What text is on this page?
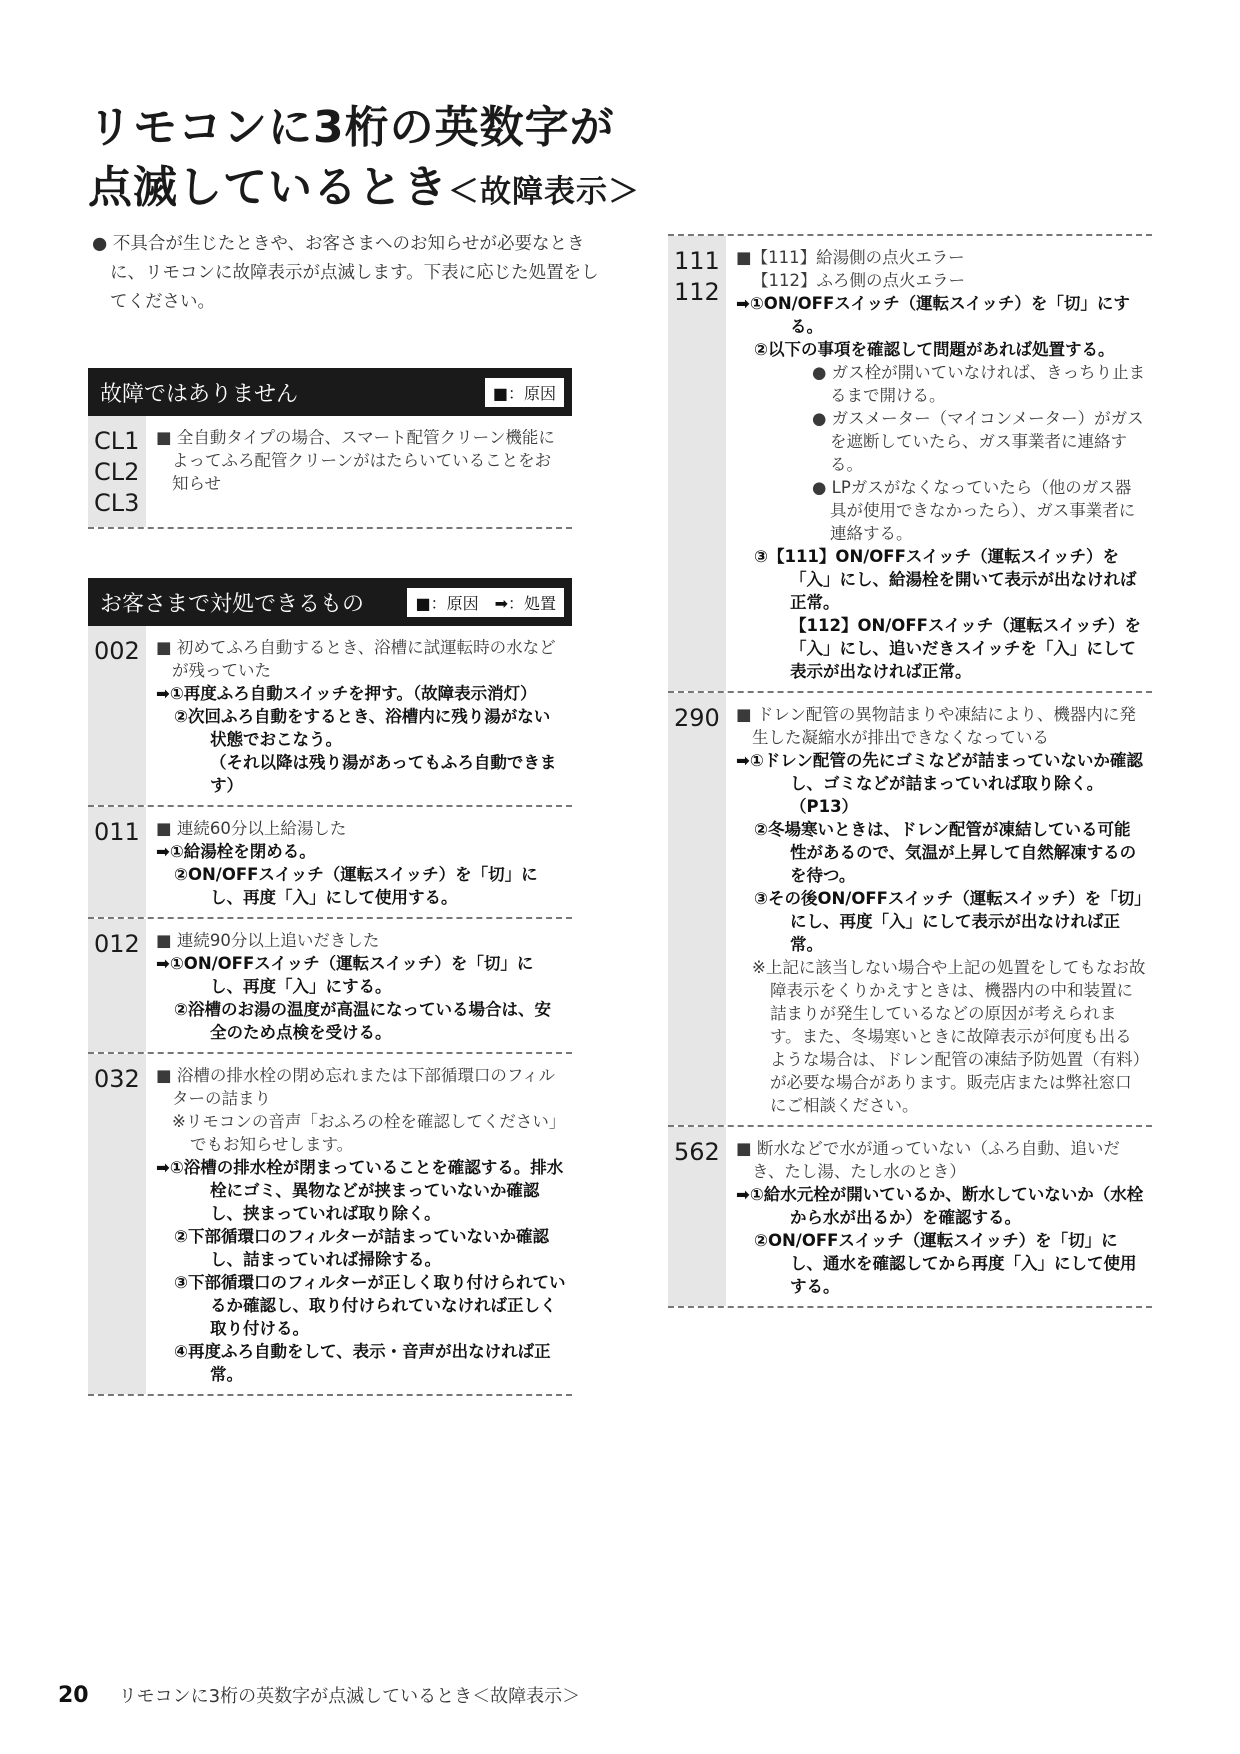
リモコンに3桁の英数字が
点滅しているとき＜故障表示＞
● 不具合が生じたときや、お客さまへのお知らせが必要なときに、リモコンに故障表示が点滅します。下表に応じた処置をしてください。
故障ではありません	■：原因
CL1
CL2
CL3
■ 全自動タイプの場合、スマート配管クリーン機能によってふろ配管クリーンがはたらいていることをお知らせ
お客さまで対処できるもの	■：原因　➡：処置
002 ■ 初めてふろ自動するとき、浴槽に試運転時の水などが残っていた
➡①再度ふろ自動スイッチを押す。（故障表示消灯）
②次回ふろ自動をするとき、浴槽内に残り湯がない状態でおこなう。
（それ以降は残り湯があってもふろ自動できます）
011 ■ 連続60分以上給湯した
➡①給湯栓を閉める。
②ON/OFFスイッチ（運転スイッチ）を「切」にし、再度「入」にして使用する。
012 ■ 連続90分以上追いだきした
➡①ON/OFFスイッチ（運転スイッチ）を「切」にし、再度「入」にする。
②浴槽のお湯の温度が高温になっている場合は、安全のため点検を受ける。
032 ■ 浴槽の排水栓の閉め忘れまたは下部循環口のフィルターの詰まり
※リモコンの音声「おふろの栓を確認してください」でもお知らせします。
➡①浴槽の排水栓が閉まっていることを確認する。排水栓にゴミ、異物などが挟まっていないか確認し、挟まっていれば取り除く。
②下部循環口のフィルターが詰まっていないか確認し、詰まっていれば掃除する。
③下部循環口のフィルターが正しく取り付けられているか確認し、取り付けられていなければ正しく取り付ける。
④再度ふろ自動をして、表示・音声が出なければ正常。
111
112
■【111】給湯側の点火エラー
【112】ふろ側の点火エラー
➡①ON/OFFスイッチ（運転スイッチ）を「切」にする。
②以下の事項を確認して問題があれば処置する。
● ガス栓が開いていなければ、きっちり止まるまで開ける。
● ガスメーター（マイコンメーター）がガスを遮断していたら、ガス事業者に連絡する。
● LPガスがなくなっていたら（他のガス器具が使用できなかったら）、ガス事業者に連絡する。
③【111】ON/OFFスイッチ（運転スイッチ）を「入」にし、給湯栓を開いて表示が出なければ正常。
【112】ON/OFFスイッチ（運転スイッチ）を「入」にし、追いだきスイッチを「入」にして表示が出なければ正常。
290 ■ ドレン配管の異物詰まりや凍結により、機器内に発生した凝縮水が排出できなくなっている
➡①ドレン配管の先にゴミなどが詰まっていないか確認し、ゴミなどが詰まっていれば取り除く。（P13）
②冬場寒いときは、ドレン配管が凍結している可能性があるので、気温が上昇して自然解凍するのを待つ。
③その後ON/OFFスイッチ（運転スイッチ）を「切」にし、再度「入」にして表示が出なければ正常。
※上記に該当しない場合や上記の処置をしてもなお故障表示をくりかえすときは、機器内の中和装置に詰まりが発生しているなどの原因が考えられます。また、冬場寒いときに故障表示が何度も出るような場合は、ドレン配管の凍結予防処置（有料）が必要な場合があります。販売店または弊社窓口にご相談ください。
562 ■ 断水などで水が通っていない（ふろ自動、追いだき、たし湯、たし水のとき）
➡①給水元栓が開いているか、断水していないか（水栓から水が出るか）を確認する。
②ON/OFFスイッチ（運転スイッチ）を「切」にし、通水を確認してから再度「入」にして使用する。
20 リモコンに3桁の英数字が点滅しているとき＜故障表示＞
